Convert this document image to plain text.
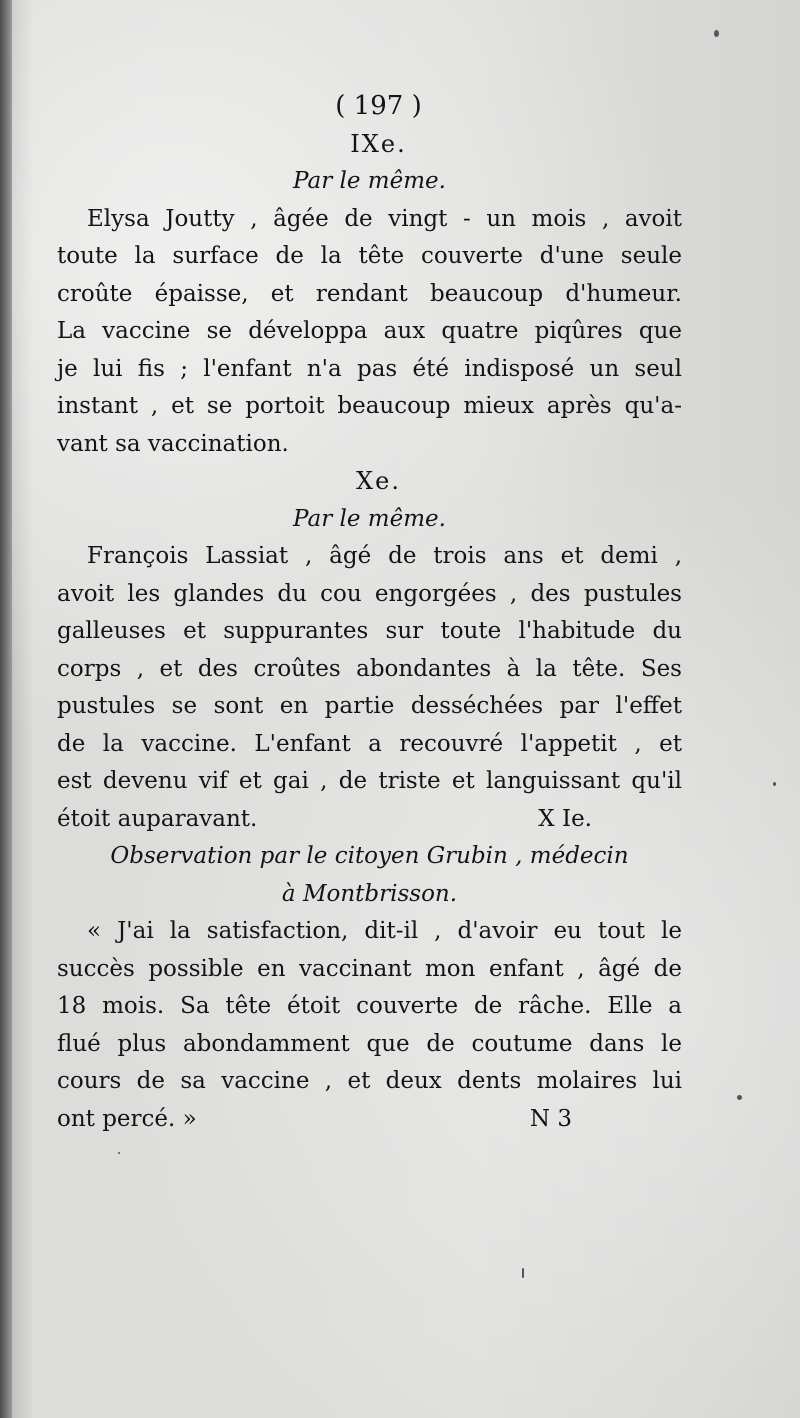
( 197 )
IXe.
Par le même.
Elysa Joutty , âgée de vingt - un mois , avoit
toute la surface de la tête couverte d'une seule
croûte épaisse, et rendant beaucoup d'humeur.
La vaccine se développa aux quatre piqûres que
je lui fis ; l'enfant n'a pas été indisposé un seul
instant , et se portoit beaucoup mieux après qu'a-
vant sa vaccination.
Xe.
Par le même.
François Lassiat , âgé de trois ans et demi ,
avoit les glandes du cou engorgées , des pustules
galleuses et suppurantes sur toute l'habitude du
corps , et des croûtes abondantes à la tête. Ses
pustules se sont en partie desséchées par l'effet
de la vaccine. L'enfant a recouvré l'appetit , et
est devenu vif et gai , de triste et languissant qu'il
étoit auparavant.	X Ie.
Observation par le citoyen Grubin , médecin
à Montbrisson.
« J'ai la satisfaction, dit-il , d'avoir eu tout le
succès possible en vaccinant mon enfant , âgé de
18 mois. Sa tête étoit couverte de râche. Elle a
flué plus abondamment que de coutume dans le
cours de sa vaccine , et deux dents molaires lui
ont percé. »	N 3
